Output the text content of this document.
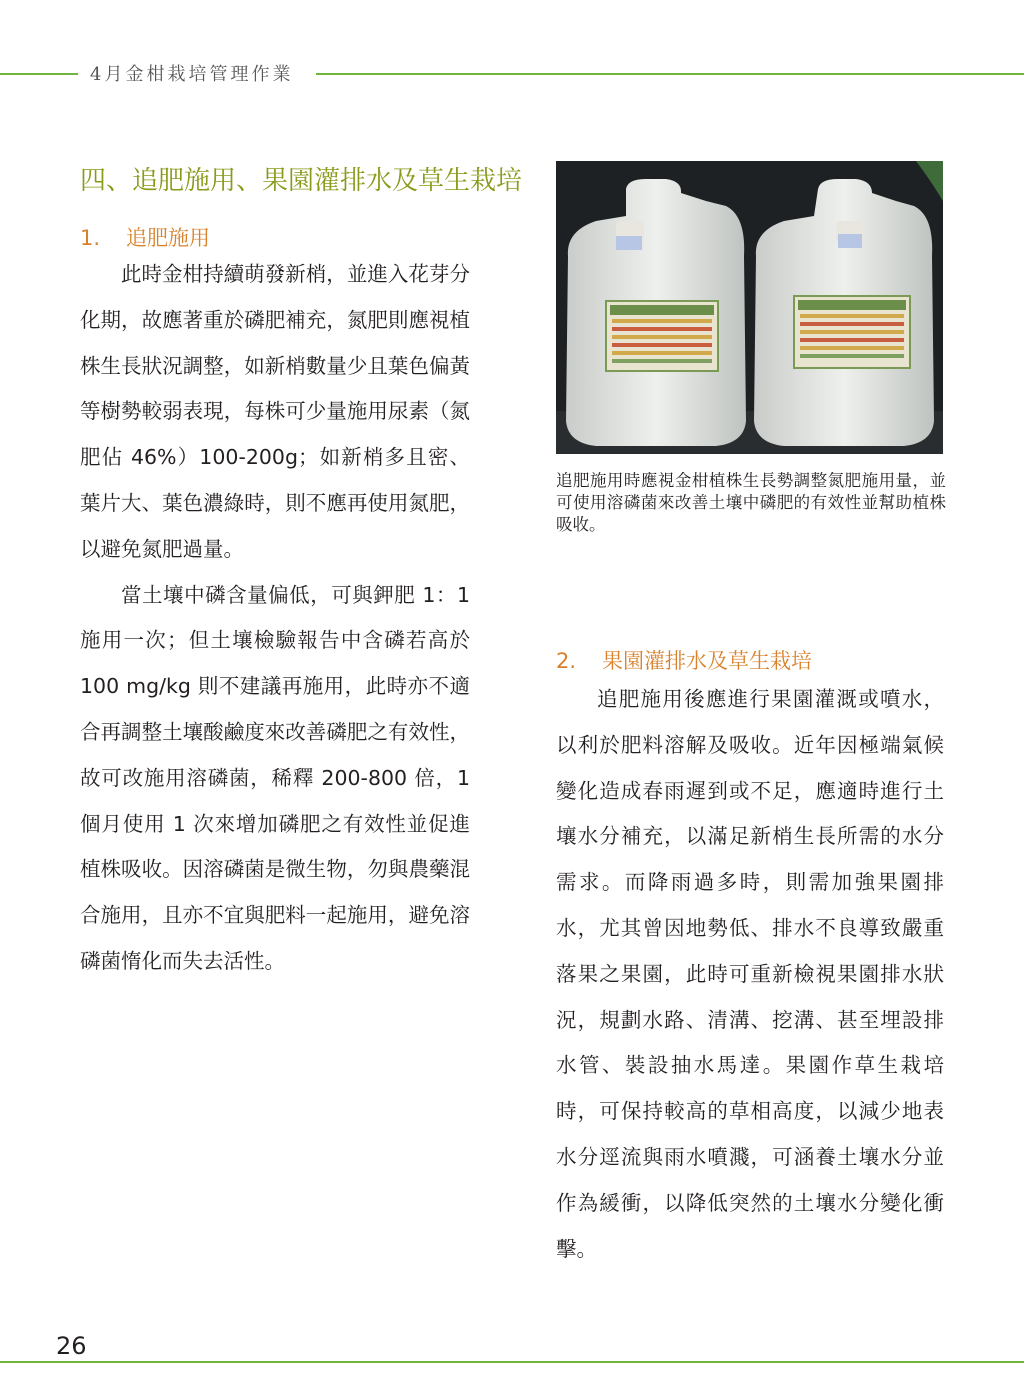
4月金柑栽培管理作業
四、追肥施用、果園灌排水及草生栽培
1. 追肥施用

此時金柑持續萌發新梢，並進入花芽分化期，故應著重於磷肥補充，氮肥則應視植株生長狀況調整，如新梢數量少且葉色偏黃等樹勢較弱表現，每株可少量施用尿素（氮肥佔 46%）100-200g；如新梢多且密、葉片大、葉色濃綠時，則不應再使用氮肥，以避免氮肥過量。

當土壤中磷含量偏低，可與鉀肥 1：1 施用一次；但土壤檢驗報告中含磷若高於 100 mg/kg 則不建議再施用，此時亦不適合再調整土壤酸鹼度來改善磷肥之有效性，故可改施用溶磷菌，稀釋 200-800 倍，1 個月使用 1 次來增加磷肥之有效性並促進植株吸收。因溶磷菌是微生物，勿與農藥混合施用，且亦不宜與肥料一起施用，避免溶磷菌惰化而失去活性。

追肥施用時應視金柑植株生長勢調整氮肥施用量，並可使用溶磷菌來改善土壤中磷肥的有效性並幫助植株吸收。
2. 果園灌排水及草生栽培

追肥施用後應進行果園灌溉或噴水，以利於肥料溶解及吸收。近年因極端氣候變化造成春雨遲到或不足，應適時進行土壤水分補充，以滿足新梢生長所需的水分需求。而降雨過多時，則需加強果園排水，尤其曾因地勢低、排水不良導致嚴重落果之果園，此時可重新檢視果園排水狀況，規劃水路、清溝、挖溝、甚至埋設排水管、裝設抽水馬達。果園作草生栽培時，可保持較高的草相高度，以減少地表水分逕流與雨水噴濺，可涵養土壤水分並作為緩衝，以降低突然的土壤水分變化衝擊。

26
